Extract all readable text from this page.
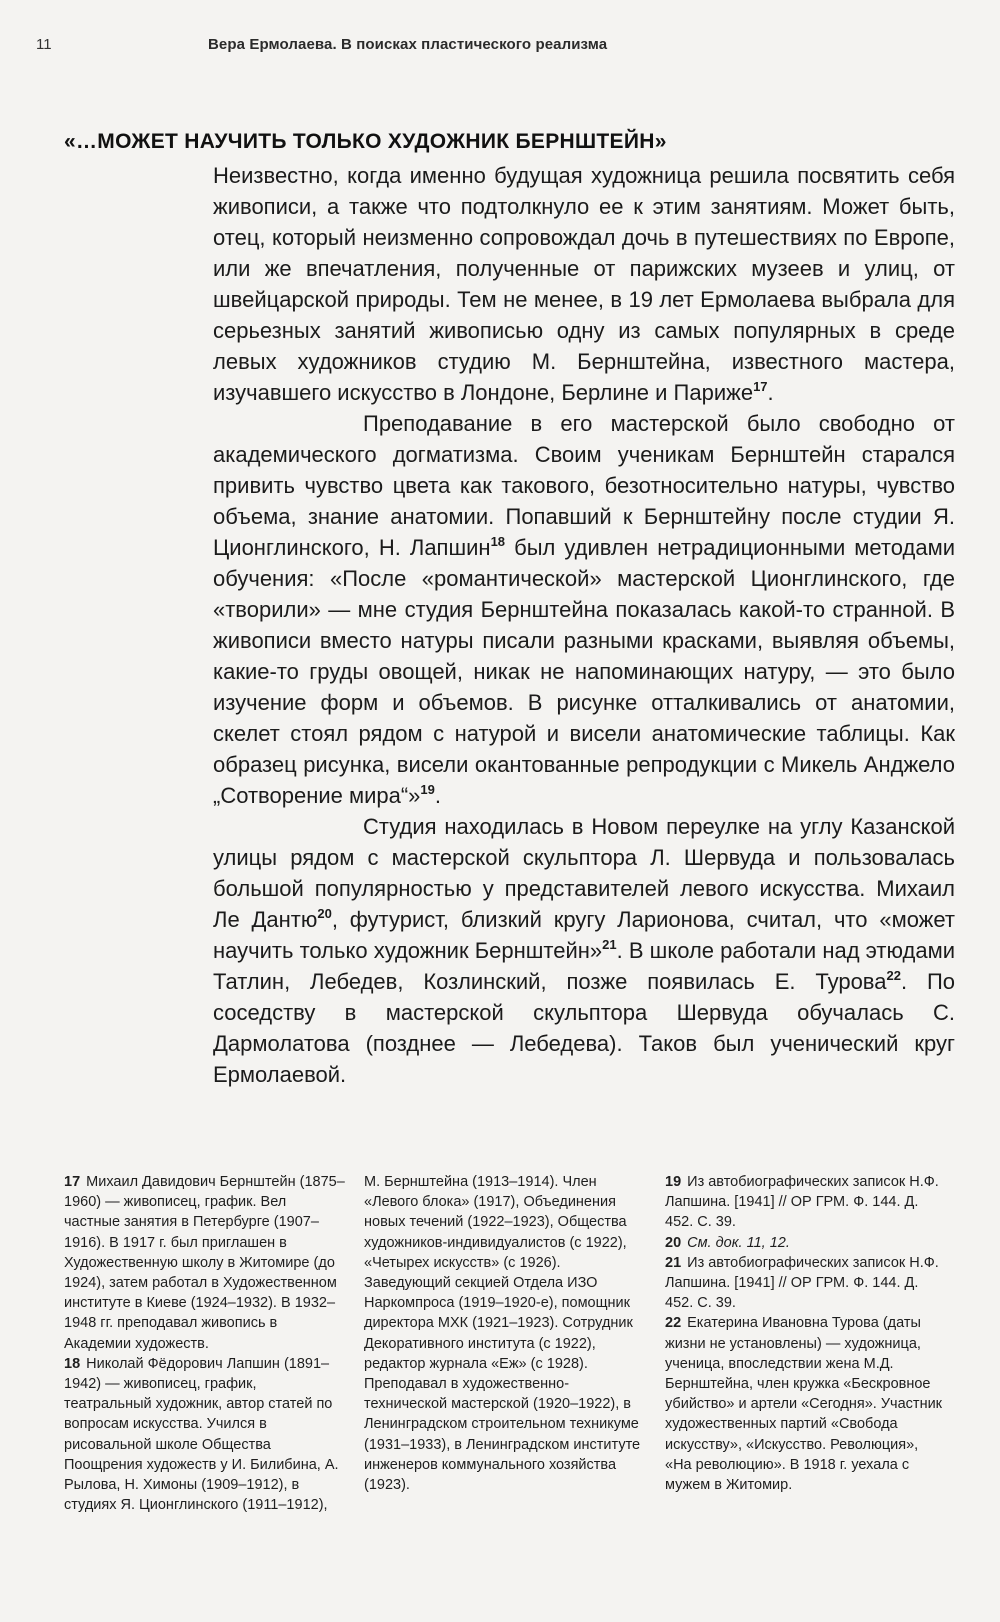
11	Вера Ермолаева. В поисках пластического реализма
«…МОЖЕТ НАУЧИТЬ ТОЛЬКО ХУДОЖНИК БЕРНШТЕЙН»

Неизвестно, когда именно будущая художница решила посвятить себя живописи, а также что подтолкнуло ее к этим занятиям. Может быть, отец, который неизменно сопровождал дочь в путешествиях по Европе, или же впечатления, полученные от парижских музеев и улиц, от швейцарской природы. Тем не менее, в 19 лет Ермолаева выбрала для серьезных занятий живописью одну из самых популярных в среде левых художников студию М. Бернштейна, известного мастера, изучавшего искусство в Лондоне, Берлине и Париже$^{17}$.

Преподавание в его мастерской было свободно от академического догматизма. Своим ученикам Бернштейн старался привить чувство цвета как такового, безотносительно натуры, чувство объема, знание анатомии. Попавший к Бернштейну после студии Я. Ционглинского, Н. Лапшин$^{18}$ был удивлен нетрадиционными методами обучения: «После «романтической» мастерской Ционглинского, где «творили» — мне студия Бернштейна показалась какой-то странной. В живописи вместо натуры писали разными красками, выявляя объемы, какие-то груды овощей, никак не напоминающих натуру, — это было изучение форм и объемов. В рисунке отталкивались от анатомии, скелет стоял рядом с натурой и висели анатомические таблицы. Как образец рисунка, висели окантованные репродукции с Микель Анджело „Сотворение мира“»$^{19}$.

Студия находилась в Новом переулке на углу Казанской улицы рядом с мастерской скульптора Л. Шервуда и пользовалась большой популярностью у представителей левого искусства. Михаил Ле Дантю$^{20}$, футурист, близкий кругу Ларионова, считал, что «может научить только художник Бернштейн»$^{21}$. В школе работали над этюдами Татлин, Лебедев, Козлинский, позже появилась Е. Турова$^{22}$. По соседству в мастерской скульптора Шервуда обучалась С. Дармолатова (позднее — Лебедева). Таков был ученический круг Ермолаевой.

17 Михаил Давидович Бернштейн (1875–1960) — живописец, график. Вел частные занятия в Петербурге (1907–1916). В 1917 г. был приглашен в Художественную школу в Житомире (до 1924), затем работал в Художественном институте в Киеве (1924–1932). В 1932–1948 гг. преподавал живопись в Академии художеств.

18 Николай Фёдорович Лапшин (1891–1942) — живописец, график, театральный художник, автор статей по вопросам искусства. Учился в рисовальной школе Общества Поощрения художеств у И. Билибина, А. Рылова, Н. Химоны (1909–1912), в студиях Я. Ционглинского (1911–1912),

М. Бернштейна (1913–1914). Член «Левого блока» (1917), Объединения новых течений (1922–1923), Общества художников-индивидуалистов (с 1922), «Четырех искусств» (с 1926). Заведующий секцией Отдела ИЗО Наркомпроса (1919–1920-е), помощник директора МХК (1921–1923). Сотрудник Декоративного института (с 1922), редактор журнала «Еж» (с 1928). Преподавал в художественно-технической мастерской (1920–1922), в Ленинградском строительном техникуме (1931–1933), в Ленинградском институте инженеров коммунального хозяйства (1923).

19 Из автобиографических записок Н.Ф. Лапшина. [1941] // ОР ГРМ. Ф. 144. Д. 452. С. 39.

20 См. док. 11, 12.

21 Из автобиографических записок Н.Ф. Лапшина. [1941] // ОР ГРМ. Ф. 144. Д. 452. С. 39.

22 Екатерина Ивановна Турова (даты жизни не установлены) — художница, ученица, впоследствии жена М.Д. Бернштейна, член кружка «Бескровное убийство» и артели «Сегодня». Участник художественных партий «Свобода искусству», «Искусство. Революция», «На революцию». В 1918 г. уехала с мужем в Житомир.
